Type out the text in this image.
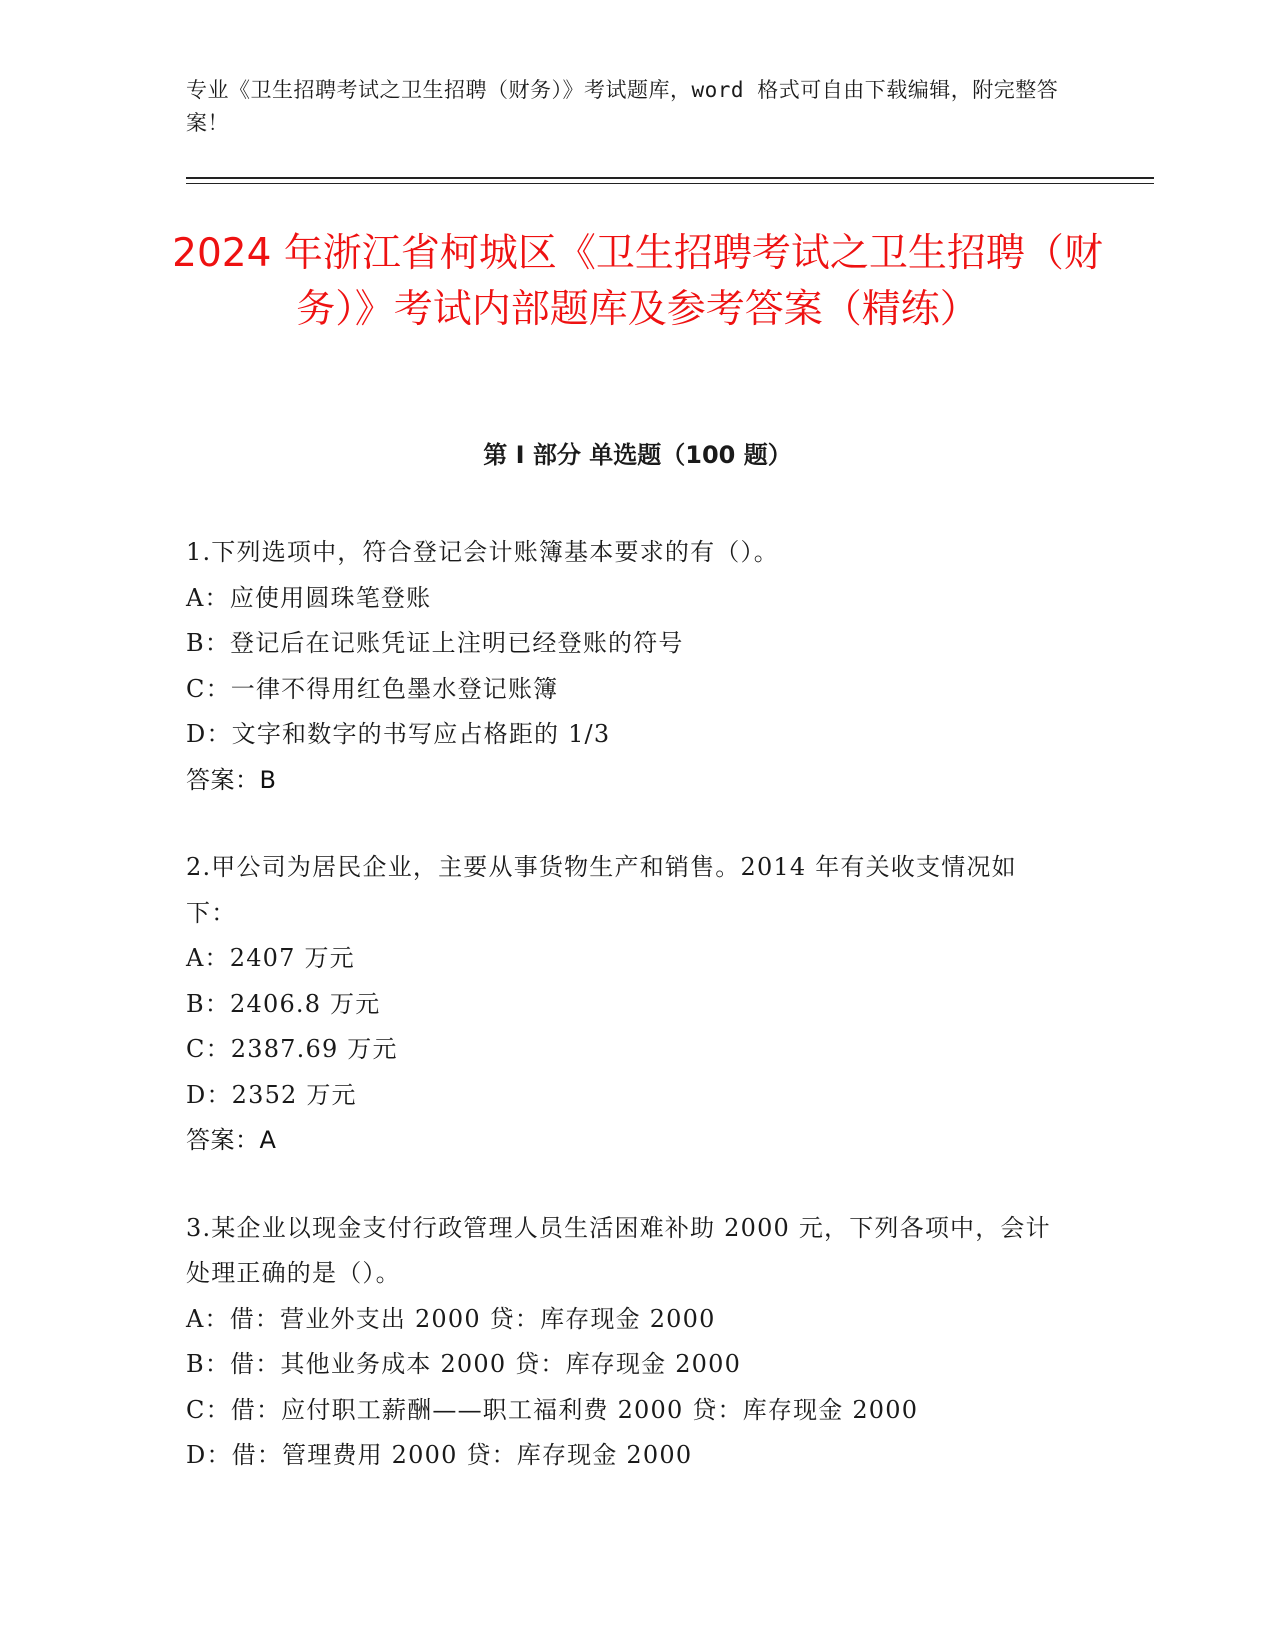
专业《卫生招聘考试之卫生招聘（财务）》考试题库，word 格式可自由下载编辑，附完整答案！
2024 年浙江省柯城区《卫生招聘考试之卫生招聘（财务）》考试内部题库及参考答案（精练）
第 I 部分 单选题（100 题）
1.下列选项中，符合登记会计账簿基本要求的有（）。
A：应使用圆珠笔登账
B：登记后在记账凭证上注明已经登账的符号
C：一律不得用红色墨水登记账簿
D：文字和数字的书写应占格距的 1/3
答案：B
2.甲公司为居民企业，主要从事货物生产和销售。2014 年有关收支情况如下：
A：2407 万元
B：2406.8 万元
C：2387.69 万元
D：2352 万元
答案：A
3.某企业以现金支付行政管理人员生活困难补助 2000 元，下列各项中，会计处理正确的是（）。
A：借：营业外支出 2000 贷：库存现金 2000
B：借：其他业务成本 2000 贷：库存现金 2000
C：借：应付职工薪酬——职工福利费 2000 贷：库存现金 2000
D：借：管理费用 2000 贷：库存现金 2000
